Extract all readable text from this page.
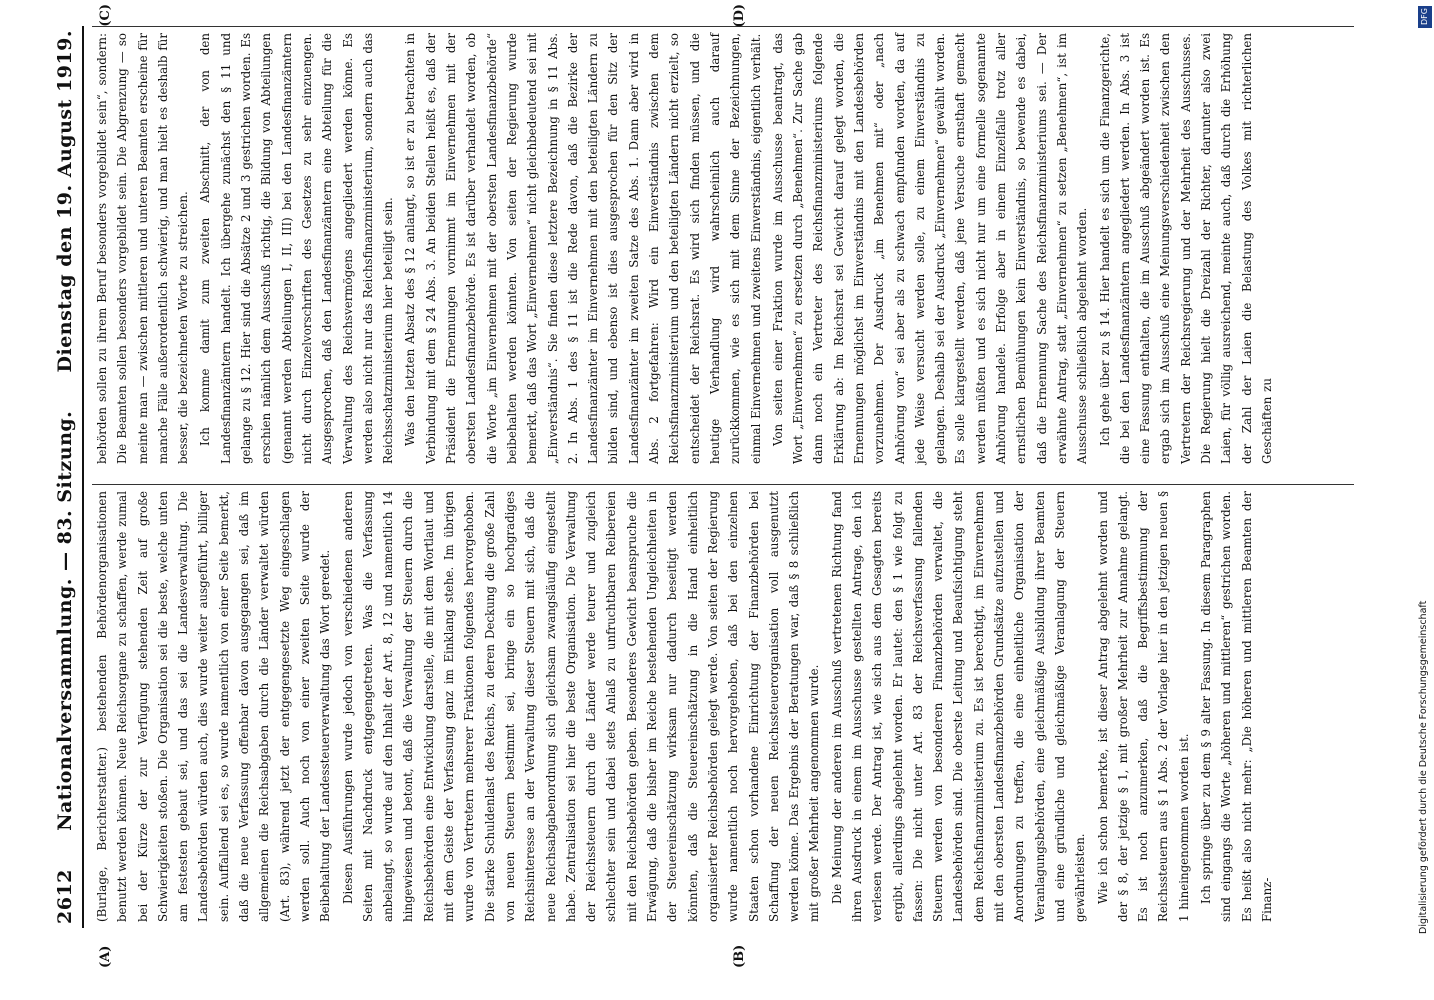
2612
Nationalversammlung. — 83. Sitzung.
Dienstag den 19. August 1919.

(Burlage, Berichterstatter.) bestehenden Behördenorganisationen benutzt werden können. Neue Reichsorgane zu schaffen, werde zumal bei der Kürze der zur Verfügung stehenden Zeit auf große Schwierigkeiten stoßen. Die Organisation sei die beste, welche unten am festesten gebaut sei, und das sei die Landesverwaltung. Die Landesbehörden würden auch, dies wurde weiter ausgeführt, billiger sein. Auffallend sei es, so wurde namentlich von einer Seite bemerkt, daß die neue Verfassung offenbar davon ausgegangen sei, daß im allgemeinen die Reichsabgaben durch die Länder verwaltet würden (Art. 83), während jetzt der entgegengesetzte Weg eingeschlagen werden soll. Auch noch von einer zweiten Seite wurde der Beibehaltung der Landessteuerverwaltung das Wort geredet. Diesen Ausführungen wurde jedoch von verschiedenen anderen Seiten mit Nachdruck entgegengetreten. Was die Verfassung anbelangt, so wurde auf den Inhalt der Art. 8, 12 und namentlich 14 hingewiesen und betont, daß die Verwaltung der Steuern durch die Reichsbehörden eine Entwicklung darstelle, die mit dem Wortlaut und mit dem Geiste der Verfassung ganz im Einklang stehe. Im übrigen wurde von Vertretern mehrerer Fraktionen folgendes hervorgehoben. Die starke Schuldenlast des Reichs, zu deren Deckung die große Zahl von neuen Steuern bestimmt sei, bringe ein so hochgradiges Reichsinteresse an der Verwaltung dieser Steuern mit sich, daß die neue Reichsabgabenordnung sich gleichsam zwangsläufig eingestellt habe. Zentralisation sei hier die beste Organisation. Die Verwaltung der Reichssteuern durch die Länder werde teurer und zugleich schlechter sein und dabei stets Anlaß zu unfruchtbaren Reibereien mit den Reichsbehörden geben. Besonderes Gewicht beanspruche die Erwägung, daß die bisher im Reiche bestehenden Ungleichheiten in der Steuereinschätzung wirksam nur dadurch beseitigt werden könnten, daß die Steuereinschätzung in die Hand einheitlich organisierter Reichsbehörden gelegt werde. Von seiten der Regierung wurde namentlich noch hervorgehoben, daß bei den einzelnen Staaten schon vorhandene Einrichtung der Finanzbehörden bei Schaffung der neuen Reichssteuerorganisation voll ausgenutzt werden könne. Das Ergebnis der Beratungen war, daß § 8 schließlich mit großer Mehrheit angenommen wurde. Die Meinung der anderen im Ausschuß vertretenen Richtung fand ihren Ausdruck in einem im Ausschusse gestellten Antrage, den ich verlesen werde. Der Antrag ist, wie sich aus dem Gesagten bereits ergibt, allerdings abgelehnt worden. Er lautet: den § 1 wie folgt zu fassen: Die nicht unter Art. 83 der Reichsverfassung fallenden Steuern werden von besonderen Finanzbehörden verwaltet, die Landesbehörden sind. Die oberste Leitung und Beaufsichtigung steht dem Reichsfinanzministerium zu. Es ist berechtigt, im Einvernehmen mit den obersten Landesfinanzbehörden Grundsätze aufzustellen und Anordnungen zu treffen, die eine einheitliche Organisation der Veranlagungsbehörden, eine gleichmäßige Ausbildung ihrer Beamten und eine gründliche und gleichmäßige Veranlagung der Steuern gewährleisten. Wie ich schon bemerkte, ist dieser Antrag abgelehnt worden und der § 8, der jetzige § 1, mit großer Mehrheit zur Annahme gelangt. Es ist noch anzumerken, daß die Begriffsbestimmung der Reichssteuern aus § 1 Abs. 2 der Vorlage hier in den jetzigen neuen § 1 hineingenommen worden ist. Ich springe über zu dem § 9 alter Fassung. In diesem Paragraphen sind eingangs die Worte „höheren und mittleren“ gestrichen worden. Es heißt also nicht mehr: „Die höheren und mittleren Beamten der Finanz-

behörden sollen zu ihrem Beruf besonders vorgebildet sein“, sondern: Die Beamten sollen besonders vorgebildet sein. Die Abgrenzung — so meinte man — zwischen mittleren und unteren Beamten erscheine für manche Fälle außerordentlich schwierig, und man hielt es deshalb für besser, die bezeichneten Worte zu streichen. Ich komme damit zum zweiten Abschnitt, der von den Landesfinanzämtern handelt. Ich übergehe zunächst den § 11 und gelange zu § 12. Hier sind die Absätze 2 und 3 gestrichen worden. Es erschien nämlich dem Ausschuß richtig, die Bildung von Abteilungen (genannt werden Abteilungen I, II, III) bei den Landesfinanzämtern nicht durch Einzelvorschriften des Gesetzes zu sehr einzuengen. Ausgesprochen, daß den Landesfinanzämtern eine Abteilung für die Verwaltung des Reichsvermögens angegliedert werden könne. Es werden also nicht nur das Reichsfinanzministerium, sondern auch das Reichsschatzministerium hier beteiligt sein. Was den letzten Absatz des § 12 anlangt, so ist er zu betrachten in Verbindung mit dem § 24 Abs. 3. An beiden Stellen heißt es, daß der Präsident die Ernennungen vornimmt im Einvernehmen mit der obersten Landesfinanzbehörde. Es ist darüber verhandelt worden, ob die Worte „im Einvernehmen mit der obersten Landesfinanzbehörde“ beibehalten werden könnten. Von seiten der Regierung wurde bemerkt, daß das Wort „Einvernehmen“ nicht gleichbedeutend sei mit „Einverständnis“. Sie finden diese letztere Bezeichnung in § 11 Abs. 2. In Abs. 1 des § 11 ist die Rede davon, daß die Bezirke der Landesfinanzämter im Einvernehmen mit den beteiligten Ländern zu bilden sind, und ebenso ist dies ausgesprochen für den Sitz der Landesfinanzämter im zweiten Satze des Abs. 1. Dann aber wird in Abs. 2 fortgefahren: Wird ein Einverständnis zwischen dem Reichsfinanzministerium und den beteiligten Ländern nicht erzielt, so entscheidet der Reichsrat. Es wird sich finden müssen, und die heutige Verhandlung wird wahrscheinlich auch darauf zurückkommen, wie es sich mit dem Sinne der Bezeichnungen, einmal Einvernehmen und zweitens Einverständnis, eigentlich verhält. Von seiten einer Fraktion wurde im Ausschusse beantragt, das Wort „Einvernehmen“ zu ersetzen durch „Benehmen“. Zur Sache gab dann noch ein Vertreter des Reichsfinanzministeriums folgende Erklärung ab: Im Reichsrat sei Gewicht darauf gelegt worden, die Ernennungen möglichst im Einverständnis mit den Landesbehörden vorzunehmen. Der Ausdruck „im Benehmen mit“ oder „nach Anhörung von“ sei aber als zu schwach empfunden worden, da auf jede Weise versucht werden solle, zu einem Einverständnis zu gelangen. Deshalb sei der Ausdruck „Einvernehmen“ gewählt worden. Es solle klargestellt werden, daß jene Versuche ernsthaft gemacht werden müßten und es sich nicht nur um eine formelle sogenannte Anhörung handele. Erfolge aber in einem Einzelfalle trotz aller ernstlichen Bemühungen kein Einverständnis, so bewende es dabei, daß die Ernennung Sache des Reichsfinanzministeriums sei. — Der erwähnte Antrag, statt „Einvernehmen“ zu setzen „Benehmen“, ist im Ausschusse schließlich abgelehnt worden. Ich gehe über zu § 14. Hier handelt es sich um die Finanzgerichte, die bei den Landesfinanzämtern angegliedert werden. In Abs. 3 ist eine Fassung enthalten, die im Ausschuß abgeändert worden ist. Es ergab sich im Ausschuß eine Meinungsverschiedenheit zwischen den Vertretern der Reichsregierung und der Mehrheit des Ausschusses. Die Regierung hielt die Dreizahl der Richter, darunter also zwei Laien, für völlig ausreichend, meinte auch, daß durch die Erhöhung der Zahl der Laien die Belastung des Volkes mit richterlichen Geschäften zu

(A)	(B)
(C)	(D)	DFG
Digitalisierung gefördert durch die Deutsche Forschungsgemeinschaft
